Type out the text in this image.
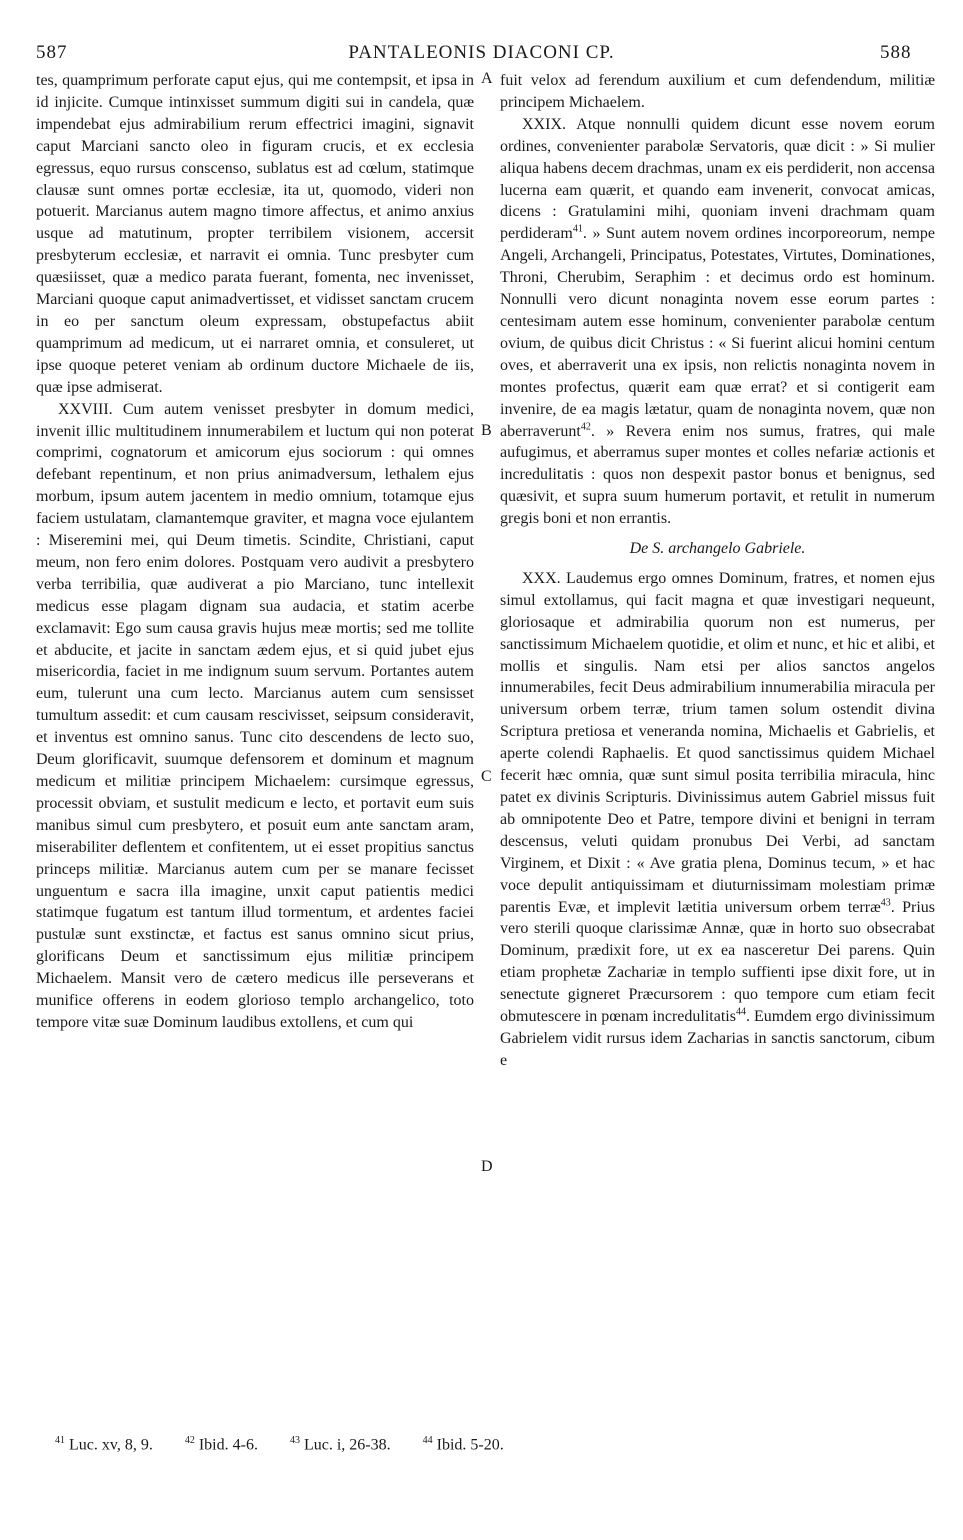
587	PANTALEONIS DIACONI CP.	588

tes, quamprimum perforate caput ejus, qui me contempsit, et ipsa in id injicite. Cumque intinxisset summum digiti sui in candela, quæ impendebat ejus admirabilium rerum effectrici imagini, signavit caput Marciani sancto oleo in figuram crucis, et ex ecclesia egressus, equo rursus conscenso, sublatus est ad cœlum, statimque clausæ sunt omnes portæ ecclesiæ, ita ut, quomodo, videri non potuerit. Marcianus autem magno timore affectus, et animo anxius usque ad matutinum, propter terribilem visionem, accersit presbyterum ecclesiæ, et narravit ei omnia. Tunc presbyter cum quæsiisset, quæ a medico parata fuerant, fomenta, nec invenisset, Marciani quoque caput animadvertisset, et vidisset sanctam crucem in eo per sanctum oleum expressam, obstupefactus abiit quamprimum ad medicum, ut ei narraret omnia, et consuleret, ut ipse quoque peteret veniam ab ordinum ductore Michaele de iis, quæ ipse admiserat.

XXVIII. Cum autem venisset presbyter in domum medici, invenit illic multitudinem innumerabilem et luctum qui non poterat comprimi, cognatorum et amicorum ejus sociorum : qui omnes defebant repentinum, et non prius animadversum, lethalem ejus morbum, ipsum autem jacentem in medio omnium, totamque ejus faciem ustulatam, clamantemque graviter, et magna voce ejulantem : Miseremini mei, qui Deum timetis. Scindite, Christiani, caput meum, non fero enim dolores. Postquam vero audivit a presbytero verba terribilia, quæ audiverat a pio Marciano, tunc intellexit medicus esse plagam dignam sua audacia, et statim acerbe exclamavit: Ego sum causa gravis hujus meæ mortis; sed me tollite et abducite, et jacite in sanctam ædem ejus, et si quid jubet ejus misericordia, faciet in me indignum suum servum. Portantes autem eum, tulerunt una cum lecto. Marcianus autem cum sensisset tumultum assedit: et cum causam rescivisset, seipsum consideravit, et inventus est omnino sanus. Tunc cito descendens de lecto suo, Deum glorificavit, suumque defensorem et dominum et magnum medicum et militiæ principem Michaelem: cursimque egressus, processit obviam, et sustulit medicum e lecto, et portavit eum suis manibus simul cum presbytero, et posuit eum ante sanctam aram, miserabiliter deflentem et confitentem, ut ei esset propitius sanctus princeps militiæ. Marcianus autem cum per se manare fecisset unguentum e sacra illa imagine, unxit caput patientis medici statimque fugatum est tantum illud tormentum, et ardentes faciei pustulæ sunt exstinctæ, et factus est sanus omnino sicut prius, glorificans Deum et sanctissimum ejus militiæ principem Michaelem. Mansit vero de cætero medicus ille perseverans et munifice offerens in eodem glorioso templo archangelico, toto tempore vitæ suæ Dominum laudibus extollens, et cum qui

A
B
C
D

fuit velox ad ferendum auxilium et cum defendendum, militiæ principem Michaelem.

XXIX. Atque nonnulli quidem dicunt esse novem eorum ordines, convenienter parabolæ Servatoris, quæ dicit : » Si mulier aliqua habens decem drachmas, unam ex eis perdiderit, non accensa lucerna eam quærit, et quando eam invenerit, convocat amicas, dicens : Gratulamini mihi, quoniam inveni drachmam quam perdideram$^{41}$. » Sunt autem novem ordines incorporeorum, nempe Angeli, Archangeli, Principatus, Potestates, Virtutes, Dominationes, Throni, Cherubim, Seraphim : et decimus ordo est hominum. Nonnulli vero dicunt nonaginta novem esse eorum partes : centesimam autem esse hominum, convenienter parabolæ centum ovium, de quibus dicit Christus : « Si fuerint alicui homini centum oves, et aberraverit una ex ipsis, non relictis nonaginta novem in montes profectus, quærit eam quæ errat? et si contigerit eam invenire, de ea magis lætatur, quam de nonaginta novem, quæ non aberraverunt$^{42}$. » Revera enim nos sumus, fratres, qui male aufugimus, et aberramus super montes et colles nefariæ actionis et incredulitatis : quos non despexit pastor bonus et benignus, sed quæsivit, et supra suum humerum portavit, et retulit in numerum gregis boni et non errantis.

De S. archangelo Gabriele.

XXX. Laudemus ergo omnes Dominum, fratres, et nomen ejus simul extollamus, qui facit magna et quæ investigari nequeunt, gloriosaque et admirabilia quorum non est numerus, per sanctissimum Michaelem quotidie, et olim et nunc, et hic et alibi, et mollis et singulis. Nam etsi per alios sanctos angelos innumerabiles, fecit Deus admirabilium innumerabilia miracula per universum orbem terræ, trium tamen solum ostendit divina Scriptura pretiosa et veneranda nomina, Michaelis et Gabrielis, et aperte colendi Raphaelis. Et quod sanctissimus quidem Michael fecerit hæc omnia, quæ sunt simul posita terribilia miracula, hinc patet ex divinis Scripturis. Divinissimus autem Gabriel missus fuit ab omnipotente Deo et Patre, tempore divini et benigni in terram descensus, veluti quidam pronubus Dei Verbi, ad sanctam Virginem, et Dixit : « Ave gratia plena, Dominus tecum, » et hac voce depulit antiquissimam et diuturnissimam molestiam primæ parentis Evæ, et implevit lætitia universum orbem terræ$^{43}$. Prius vero sterili quoque clarissimæ Annæ, quæ in horto suo obsecrabat Dominum, prædixit fore, ut ex ea nasceretur Dei parens. Quin etiam prophetæ Zachariæ in templo suffienti ipse dixit fore, ut in senectute gigneret Præcursorem : quo tempore cum etiam fecit obmutescere in pœnam incredulitatis$^{44}$. Eumdem ergo divinissimum Gabrielem vidit rursus idem Zacharias in sanctis sanctorum, cibum e

$^{41}$ Luc. xv, 8, 9.	$^{42}$ Ibid. 4-6.	$^{43}$ Luc. i, 26-38.	$^{44}$ Ibid. 5-20.
